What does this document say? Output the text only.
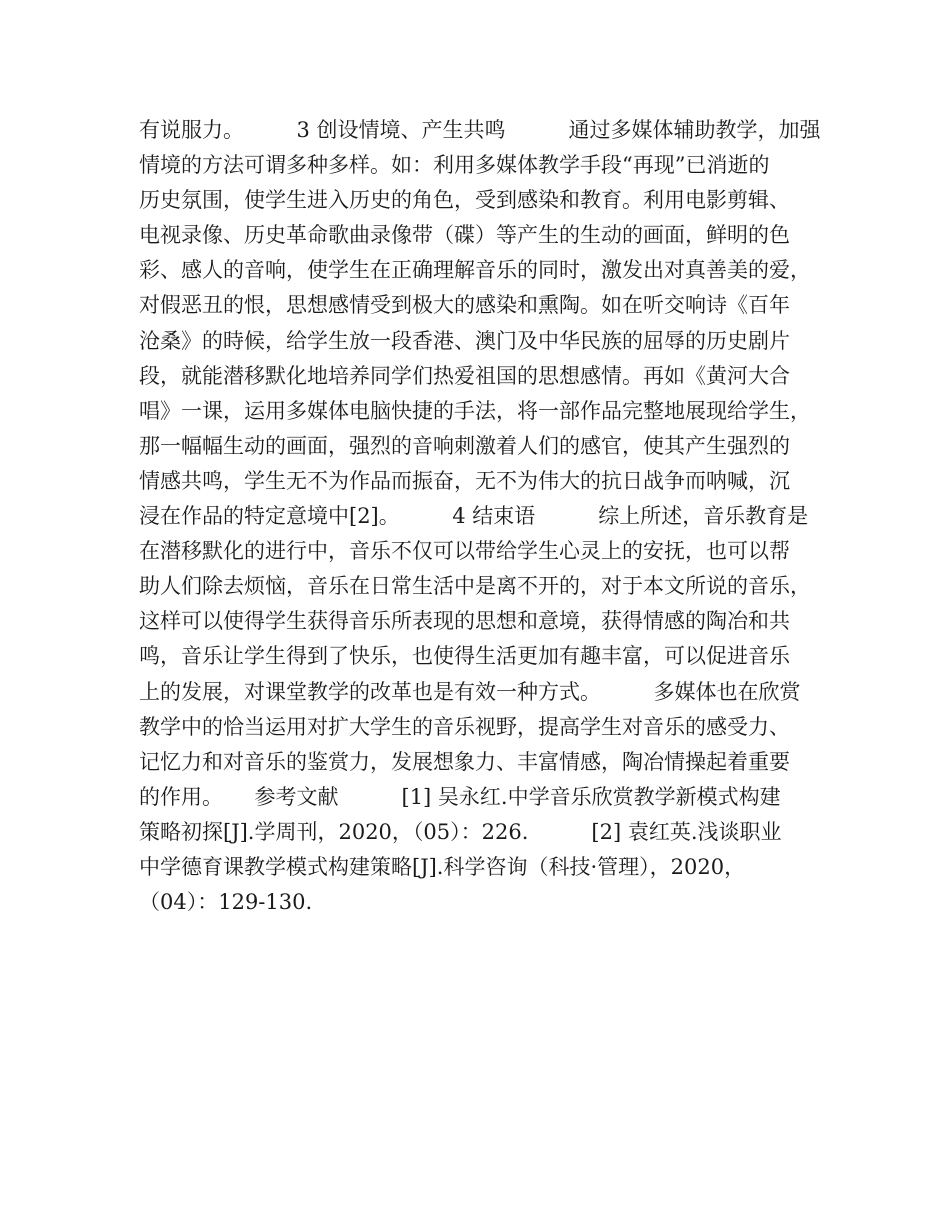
有说服力。　　　3 创设情境、产生共鸣　　　通过多媒体辅助教学，加强
情境的方法可谓多种多样。如：利用多媒体教学手段“再现”已消逝的
历史氛围，使学生进入历史的角色，受到感染和教育。利用电影剪辑、
电视录像、历史革命歌曲录像带（碟）等产生的生动的画面，鲜明的色
彩、感人的音响，使学生在正确理解音乐的同时，激发出对真善美的爱，
对假恶丑的恨，思想感情受到极大的感染和熏陶。如在听交响诗《百年
沧桑》的時候，给学生放一段香港、澳门及中华民族的屈辱的历史剧片
段，就能潜移默化地培养同学们热爱祖国的思想感情。再如《黄河大合
唱》一课，运用多媒体电脑快捷的手法，将一部作品完整地展现给学生，
那一幅幅生动的画面，强烈的音响刺激着人们的感官，使其产生强烈的
情感共鸣，学生无不为作品而振奋，无不为伟大的抗日战争而呐喊，沉
浸在作品的特定意境中[2]。　　　4 结束语　　　综上所述，音乐教育是
在潜移默化的进行中，音乐不仅可以带给学生心灵上的安抚，也可以帮
助人们除去烦恼，音乐在日常生活中是离不开的，对于本文所说的音乐，
这样可以使得学生获得音乐所表现的思想和意境，获得情感的陶冶和共
鸣，音乐让学生得到了快乐，也使得生活更加有趣丰富，可以促进音乐
上的发展，对课堂教学的改革也是有效一种方式。　　　多媒体也在欣赏
教学中的恰当运用对扩大学生的音乐视野，提高学生对音乐的感受力、
记忆力和对音乐的鉴赏力，发展想象力、丰富情感，陶冶情操起着重要
的作用。　　参考文献　　　[1] 吴永红.中学音乐欣赏教学新模式构建
策略初探[J].学周刊，2020，（05）：226.　　　[2] 袁红英.浅谈职业
中学德育课教学模式构建策略[J].科学咨询（科技·管理），2020，
（04）：129-130.
